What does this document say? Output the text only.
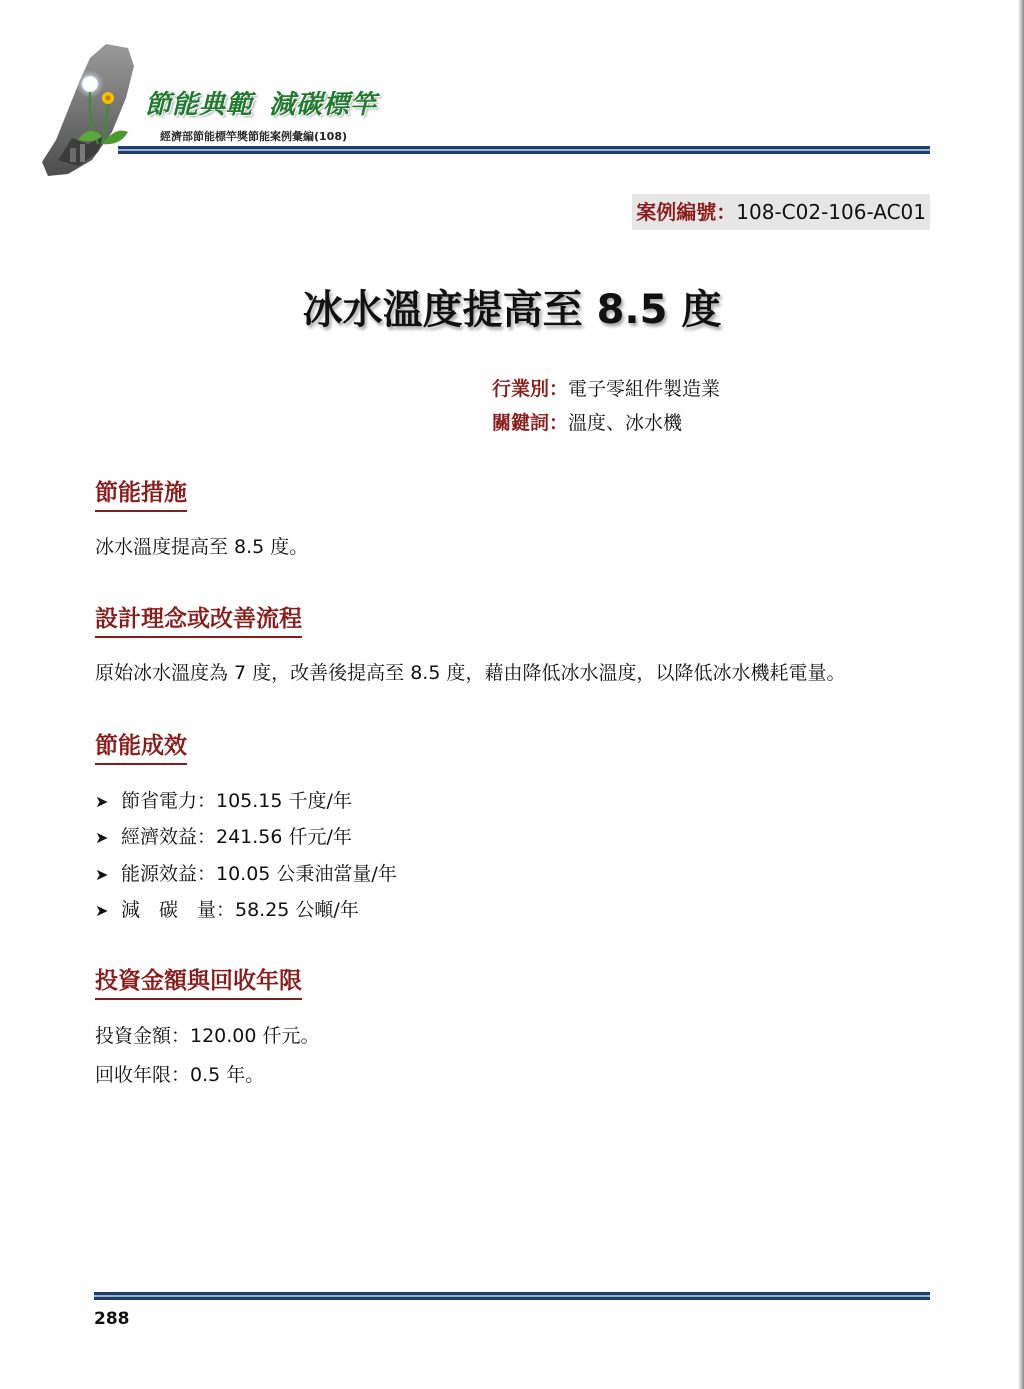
節能典範 減碳標竿
經濟部節能標竿獎節能案例彙編(108)
案例編號：108-C02-106-AC01
冰水溫度提高至 8.5 度
行業別：電子零組件製造業
關鍵詞：溫度、冰水機
節能措施
冰水溫度提高至 8.5 度。
設計理念或改善流程
原始冰水溫度為 7 度，改善後提高至 8.5 度，藉由降低冰水溫度，以降低冰水機耗電量。
節能成效
➤ 節省電力：105.15 千度/年
➤ 經濟效益：241.56 仟元/年
➤ 能源效益：10.05 公秉油當量/年
➤ 減　碳　量：58.25 公噸/年
投資金額與回收年限
投資金額：120.00 仟元。
回收年限：0.5 年。
288
